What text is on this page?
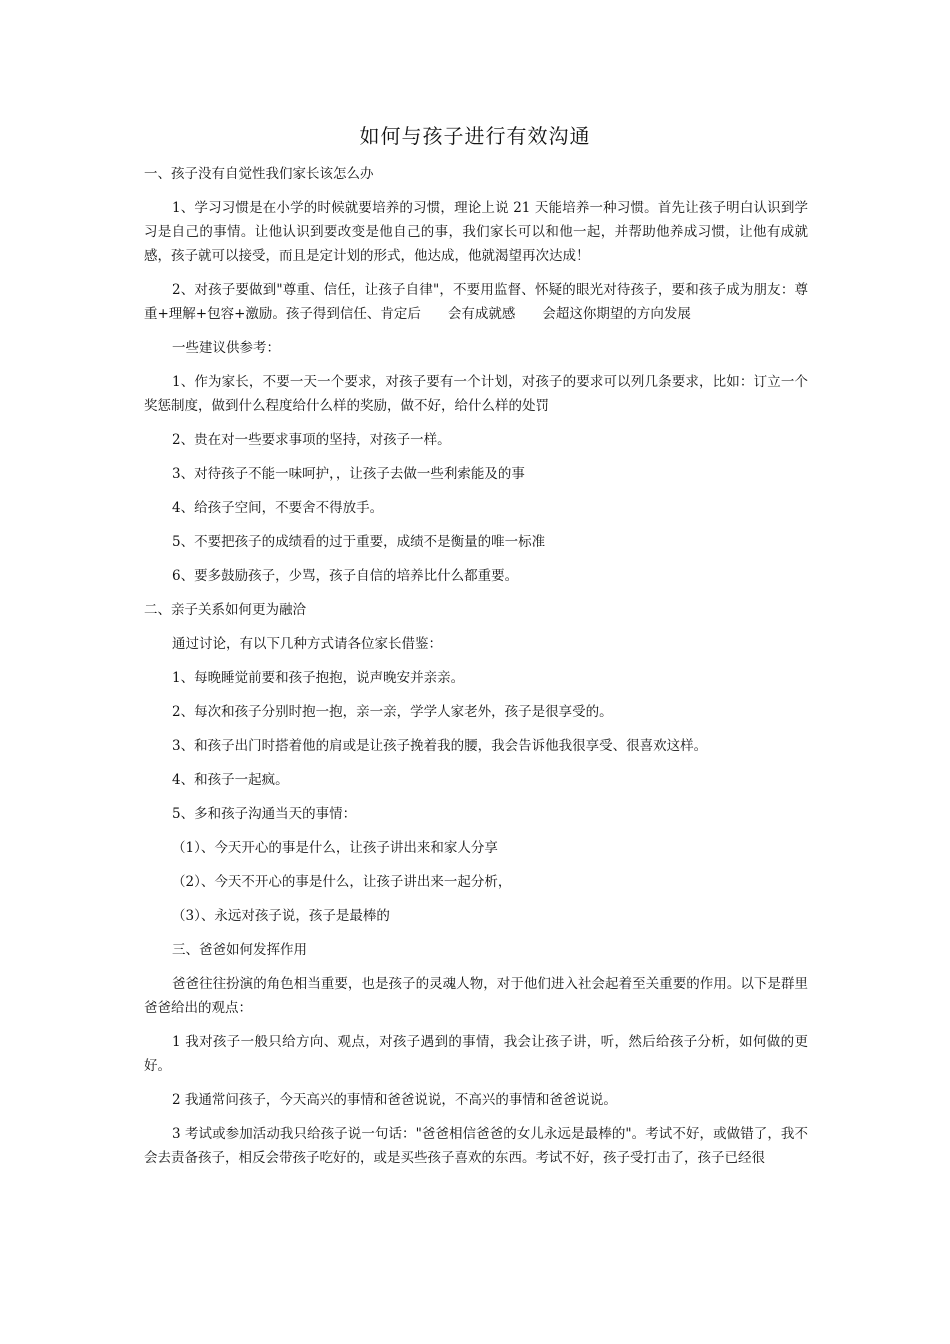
如何与孩子进行有效沟通

一、孩子没有自觉性我们家长该怎么办

1、学习习惯是在小学的时候就要培养的习惯，理论上说 21 天能培养一种习惯。首先让孩子明白认识到学习是自己的事情。让他认识到要改变是他自己的事，我们家长可以和他一起，并帮助他养成习惯，让他有成就感，孩子就可以接受，而且是定计划的形式，他达成，他就渴望再次达成！

2、对孩子要做到"尊重、信任，让孩子自律"，不要用监督、怀疑的眼光对待孩子，要和孩子成为朋友：尊重+理解+包容+激励。孩子得到信任、肯定后　　会有成就感　　会超这你期望的方向发展

一些建议供参考：

1、作为家长，不要一天一个要求，对孩子要有一个计划，对孩子的要求可以列几条要求，比如：订立一个奖惩制度，做到什么程度给什么样的奖励，做不好，给什么样的处罚

2、贵在对一些要求事项的坚持，对孩子一样。

3、对待孩子不能一味呵护，，让孩子去做一些利索能及的事

4、给孩子空间，不要舍不得放手。

5、不要把孩子的成绩看的过于重要，成绩不是衡量的唯一标准

6、要多鼓励孩子，少骂，孩子自信的培养比什么都重要。

二、亲子关系如何更为融洽

通过讨论，有以下几种方式请各位家长借鉴：

1、每晚睡觉前要和孩子抱抱，说声晚安并亲亲。

2、每次和孩子分别时抱一抱，亲一亲，学学人家老外，孩子是很享受的。

3、和孩子出门时搭着他的肩或是让孩子挽着我的腰，我会告诉他我很享受、很喜欢这样。

4、和孩子一起疯。

5、多和孩子沟通当天的事情：

（1）、今天开心的事是什么，让孩子讲出来和家人分享

（2）、今天不开心的事是什么，让孩子讲出来一起分析，

（3）、永远对孩子说，孩子是最棒的

三、爸爸如何发挥作用

爸爸往往扮演的角色相当重要，也是孩子的灵魂人物，对于他们进入社会起着至关重要的作用。以下是群里爸爸给出的观点：

1 我对孩子一般只给方向、观点，对孩子遇到的事情，我会让孩子讲，听，然后给孩子分析，如何做的更好。

2 我通常问孩子，今天高兴的事情和爸爸说说，不高兴的事情和爸爸说说。

3 考试或参加活动我只给孩子说一句话："爸爸相信爸爸的女儿永远是最棒的"。考试不好，或做错了，我不会去责备孩子，相反会带孩子吃好的，或是买些孩子喜欢的东西。考试不好，孩子受打击了，孩子已经很
